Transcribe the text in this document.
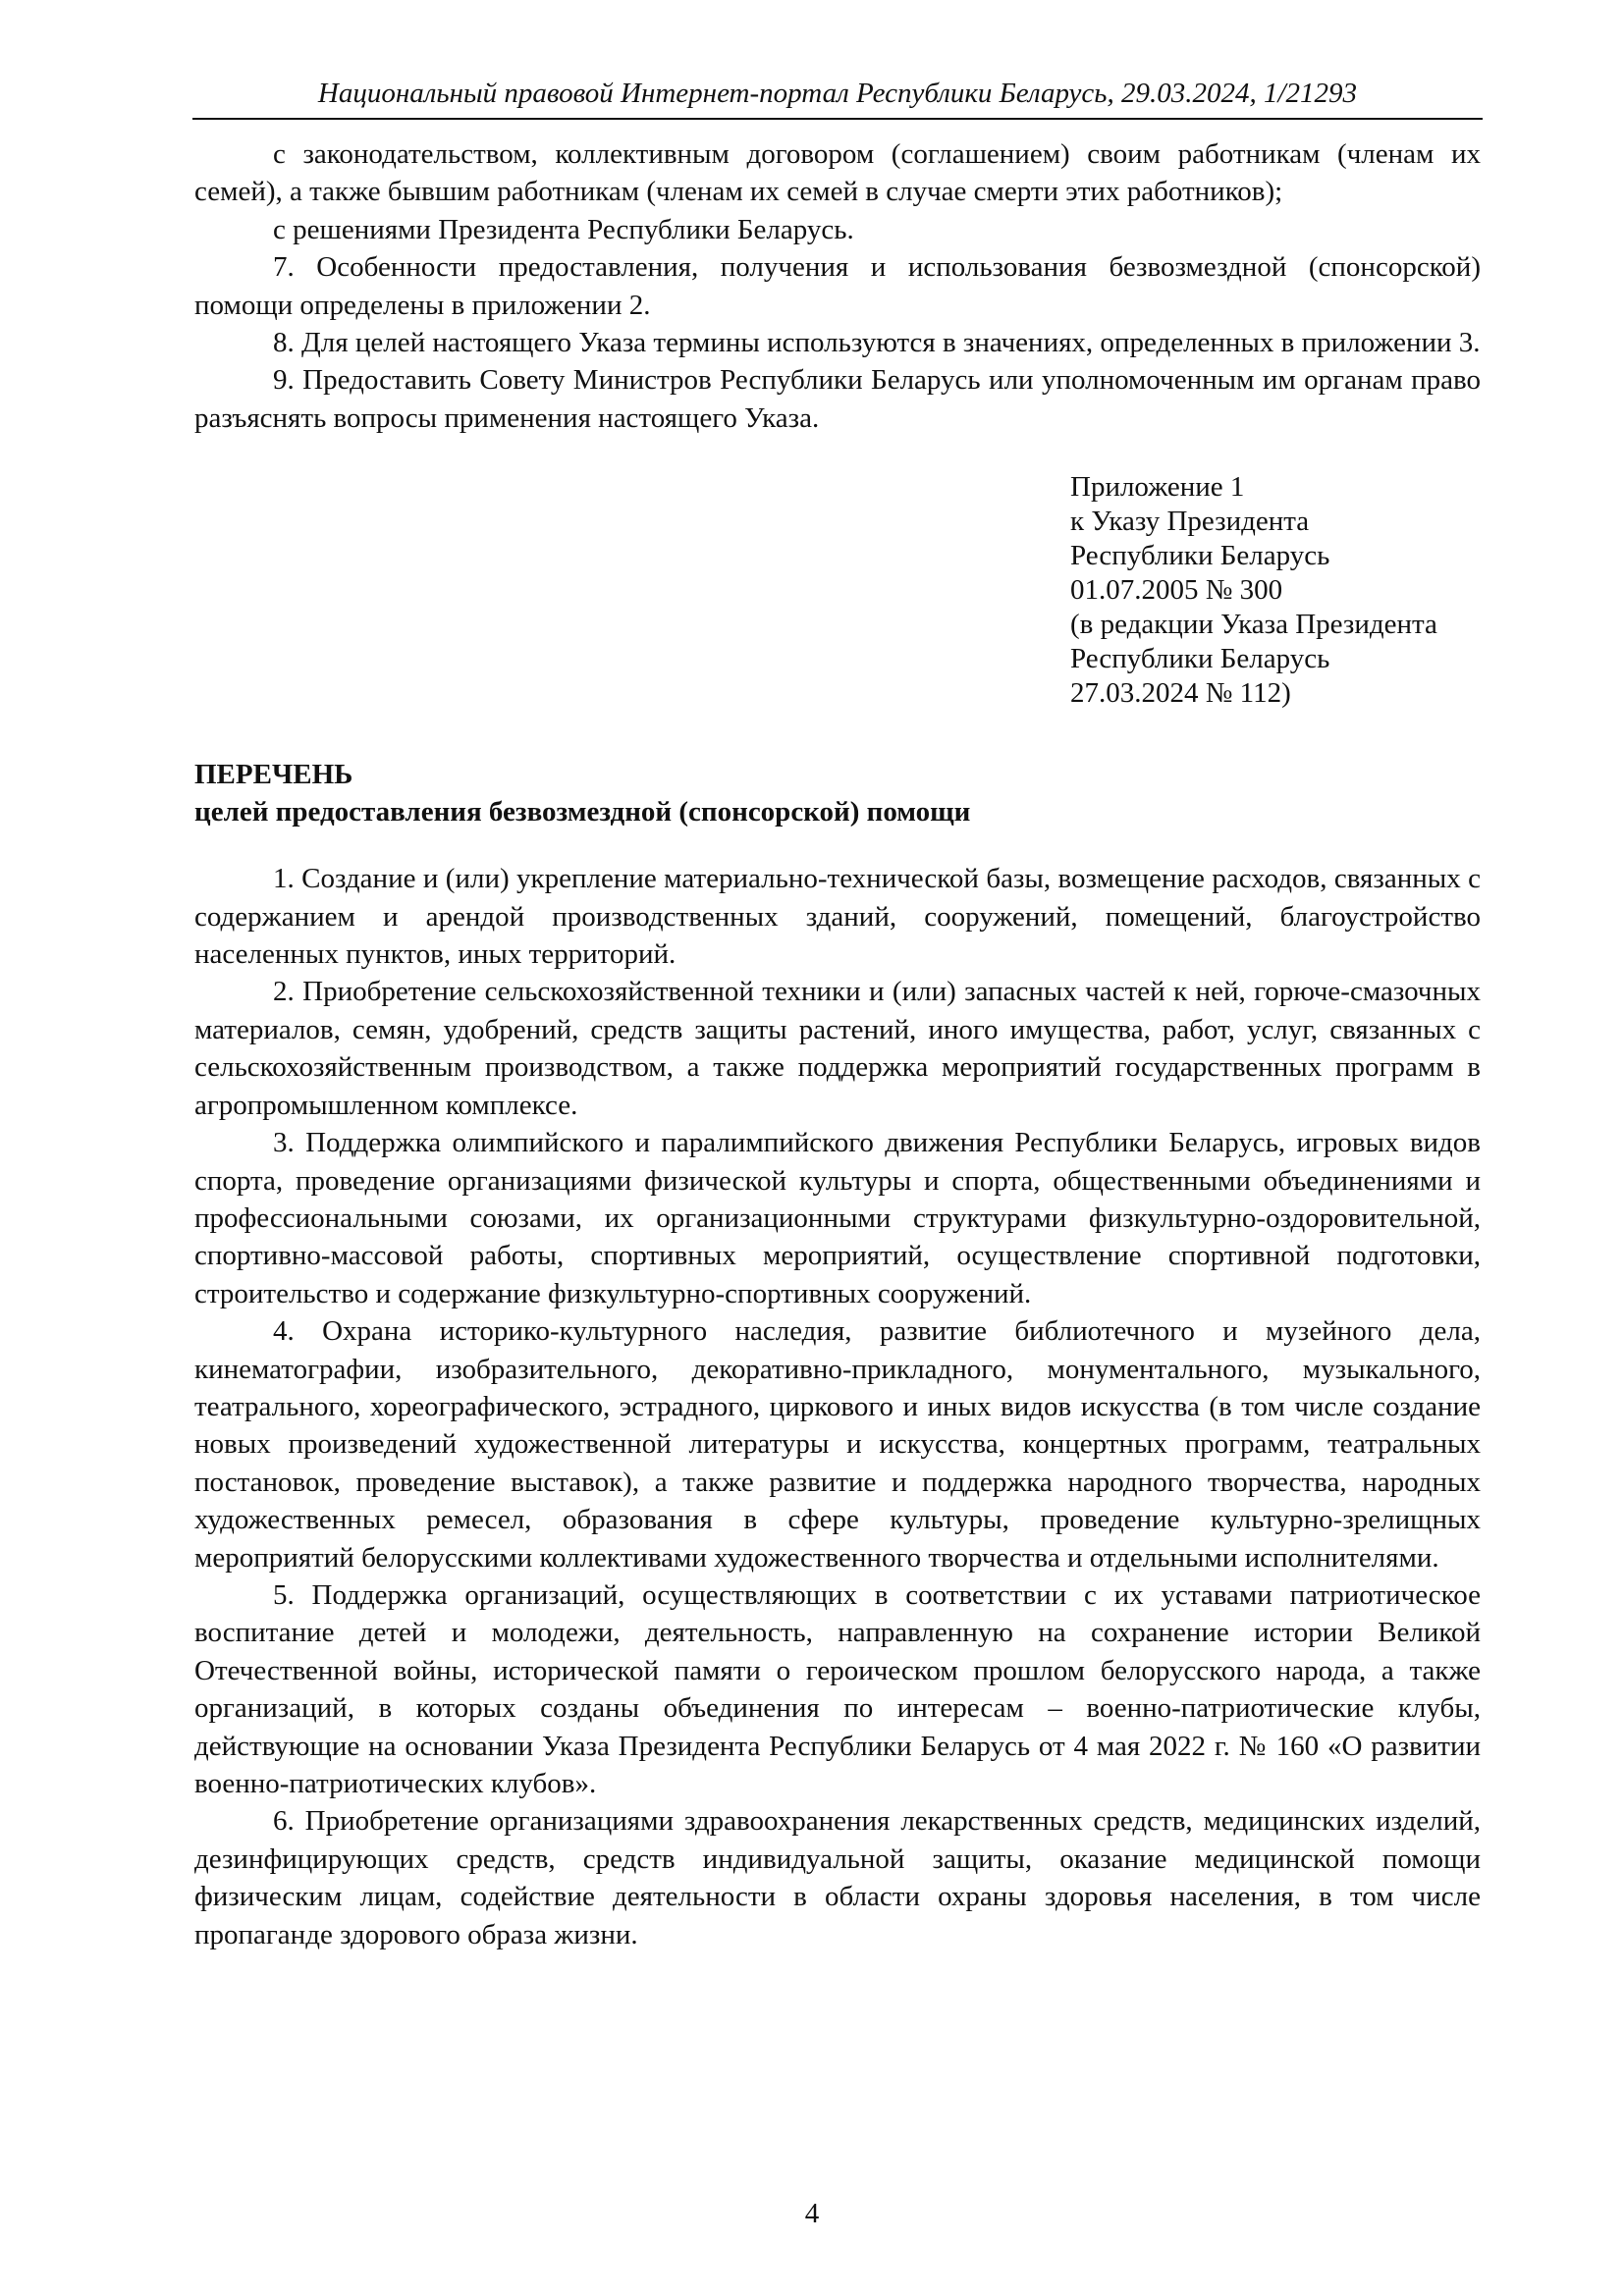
Национальный правовой Интернет-портал Республики Беларусь, 29.03.2024, 1/21293

с законодательством, коллективным договором (соглашением) своим работникам (членам их семей), а также бывшим работникам (членам их семей в случае смерти этих работников);

с решениями Президента Республики Беларусь.

7. Особенности предоставления, получения и использования безвозмездной (спонсорской) помощи определены в приложении 2.

8. Для целей настоящего Указа термины используются в значениях, определенных в приложении 3.

9. Предоставить Совету Министров Республики Беларусь или уполномоченным им органам право разъяснять вопросы применения настоящего Указа.

Приложение 1
к Указу Президента
Республики Беларусь
01.07.2005 № 300
(в редакции Указа Президента
Республики Беларусь
27.03.2024 № 112)
ПЕРЕЧЕНЬ
целей предоставления безвозмездной (спонсорской) помощи

1. Создание и (или) укрепление материально-технической базы, возмещение расходов, связанных с содержанием и арендой производственных зданий, сооружений, помещений, благоустройство населенных пунктов, иных территорий.

2. Приобретение сельскохозяйственной техники и (или) запасных частей к ней, горюче-смазочных материалов, семян, удобрений, средств защиты растений, иного имущества, работ, услуг, связанных с сельскохозяйственным производством, а также поддержка мероприятий государственных программ в агропромышленном комплексе.

3. Поддержка олимпийского и паралимпийского движения Республики Беларусь, игровых видов спорта, проведение организациями физической культуры и спорта, общественными объединениями и профессиональными союзами, их организационными структурами физкультурно-оздоровительной, спортивно-массовой работы, спортивных мероприятий, осуществление спортивной подготовки, строительство и содержание физкультурно-спортивных сооружений.

4. Охрана историко-культурного наследия, развитие библиотечного и музейного дела, кинематографии, изобразительного, декоративно-прикладного, монументального, музыкального, театрального, хореографического, эстрадного, циркового и иных видов искусства (в том числе создание новых произведений художественной литературы и искусства, концертных программ, театральных постановок, проведение выставок), а также развитие и поддержка народного творчества, народных художественных ремесел, образования в сфере культуры, проведение культурно-зрелищных мероприятий белорусскими коллективами художественного творчества и отдельными исполнителями.

5. Поддержка организаций, осуществляющих в соответствии с их уставами патриотическое воспитание детей и молодежи, деятельность, направленную на сохранение истории Великой Отечественной войны, исторической памяти о героическом прошлом белорусского народа, а также организаций, в которых созданы объединения по интересам – военно-патриотические клубы, действующие на основании Указа Президента Республики Беларусь от 4 мая 2022 г. № 160 «О развитии военно-патриотических клубов».

6. Приобретение организациями здравоохранения лекарственных средств, медицинских изделий, дезинфицирующих средств, средств индивидуальной защиты, оказание медицинской помощи физическим лицам, содействие деятельности в области охраны здоровья населения, в том числе пропаганде здорового образа жизни.

4
